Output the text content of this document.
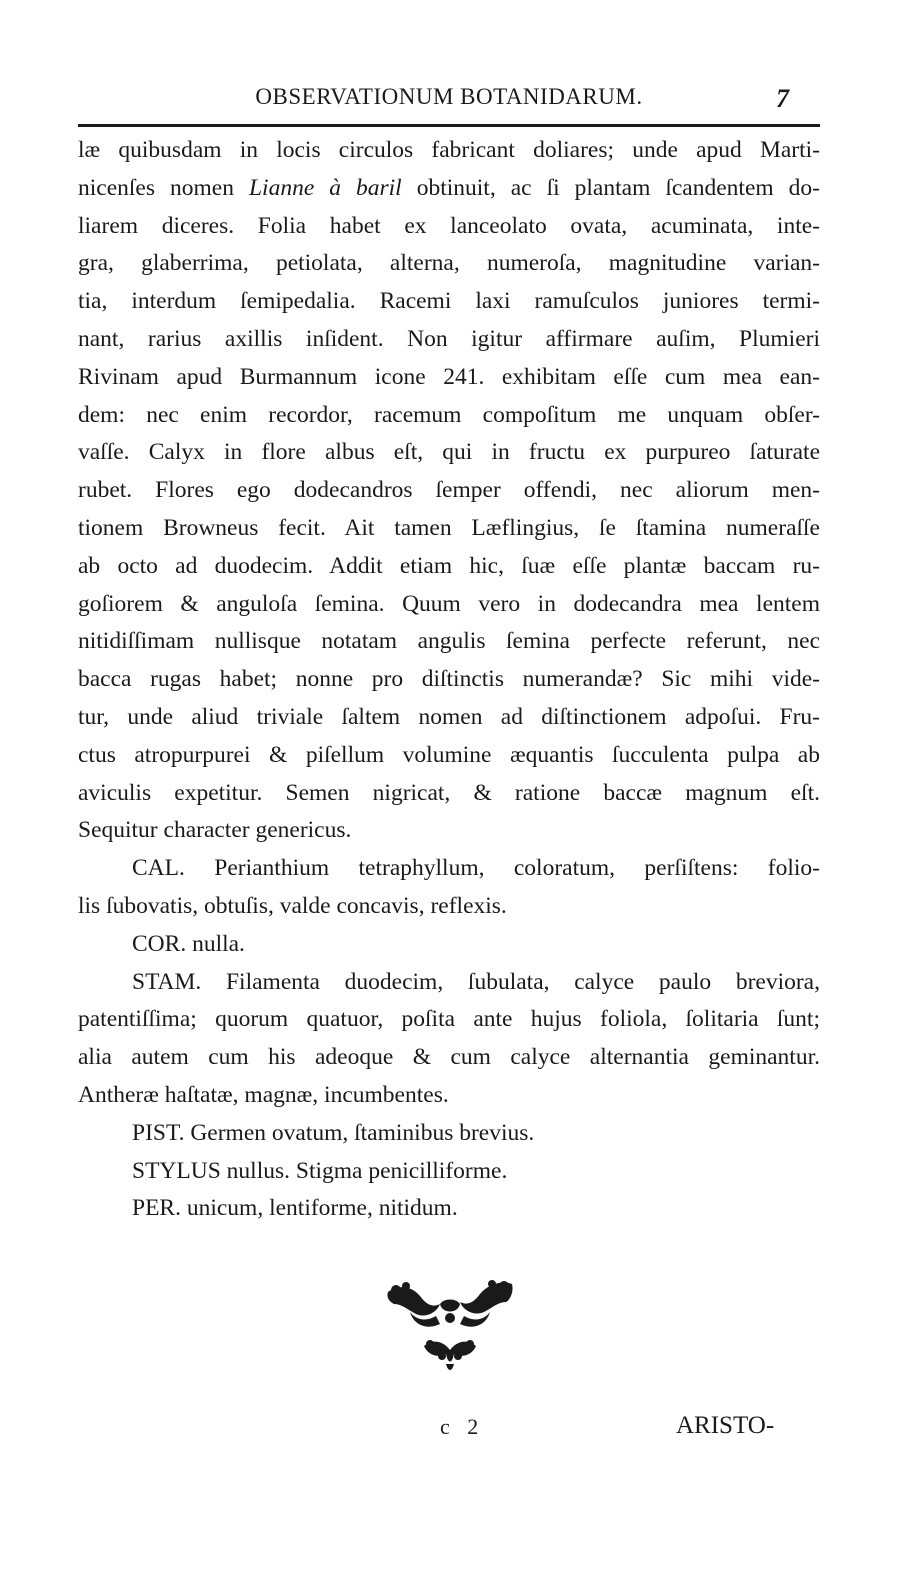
OBSERVATIONUM BOTANIDARUM.	7
læ quibusdam in locis circulos fabricant doliares; unde apud Marti-
nicenſes nomen Lianne à baril obtinuit, ac ſi plantam ſcandentem do-
liarem diceres. Folia habet ex lanceolato ovata, acuminata, inte-
gra, glaberrima, petiolata, alterna, numeroſa, magnitudine varian-
tia, interdum ſemipedalia. Racemi laxi ramuſculos juniores termi-
nant, rarius axillis inſident. Non igitur affirmare auſim, Plumieri
Rivinam apud Burmannum icone 241. exhibitam eſſe cum mea ean-
dem: nec enim recordor, racemum compoſitum me unquam obſer-
vaſſe. Calyx in flore albus eſt, qui in fructu ex purpureo ſaturate
rubet. Flores ego dodecandros ſemper offendi, nec aliorum men-
tionem Browneus fecit. Ait tamen Læflingius, ſe ſtamina numeraſſe
ab octo ad duodecim. Addit etiam hic, ſuæ eſſe plantæ baccam ru-
goſiorem & anguloſa ſemina. Quum vero in dodecandra mea lentem
nitidiſſimam nullisque notatam angulis ſemina perfecte referunt, nec
bacca rugas habet; nonne pro diſtinctis numerandæ? Sic mihi vide-
tur, unde aliud triviale ſaltem nomen ad diſtinctionem adpoſui. Fru-
ctus atropurpurei & piſellum volumine æquantis ſucculenta pulpa ab
aviculis expetitur. Semen nigricat, & ratione baccæ magnum eſt.
Sequitur character genericus.
CAL. Perianthium tetraphyllum, coloratum, perſiſtens: folio-
lis ſubovatis, obtuſis, valde concavis, reflexis.
COR. nulla.
STAM. Filamenta duodecim, ſubulata, calyce paulo breviora,
patentiſſima; quorum quatuor, poſita ante hujus foliola, ſolitaria ſunt;
alia autem cum his adeoque & cum calyce alternantia geminantur.
Antheræ haſtatæ, magnæ, incumbentes.
PIST. Germen ovatum, ſtaminibus brevius.
STYLUS nullus. Stigma penicilliforme.
PER. unicum, lentiforme, nitidum.
c 2	ARISTO-
